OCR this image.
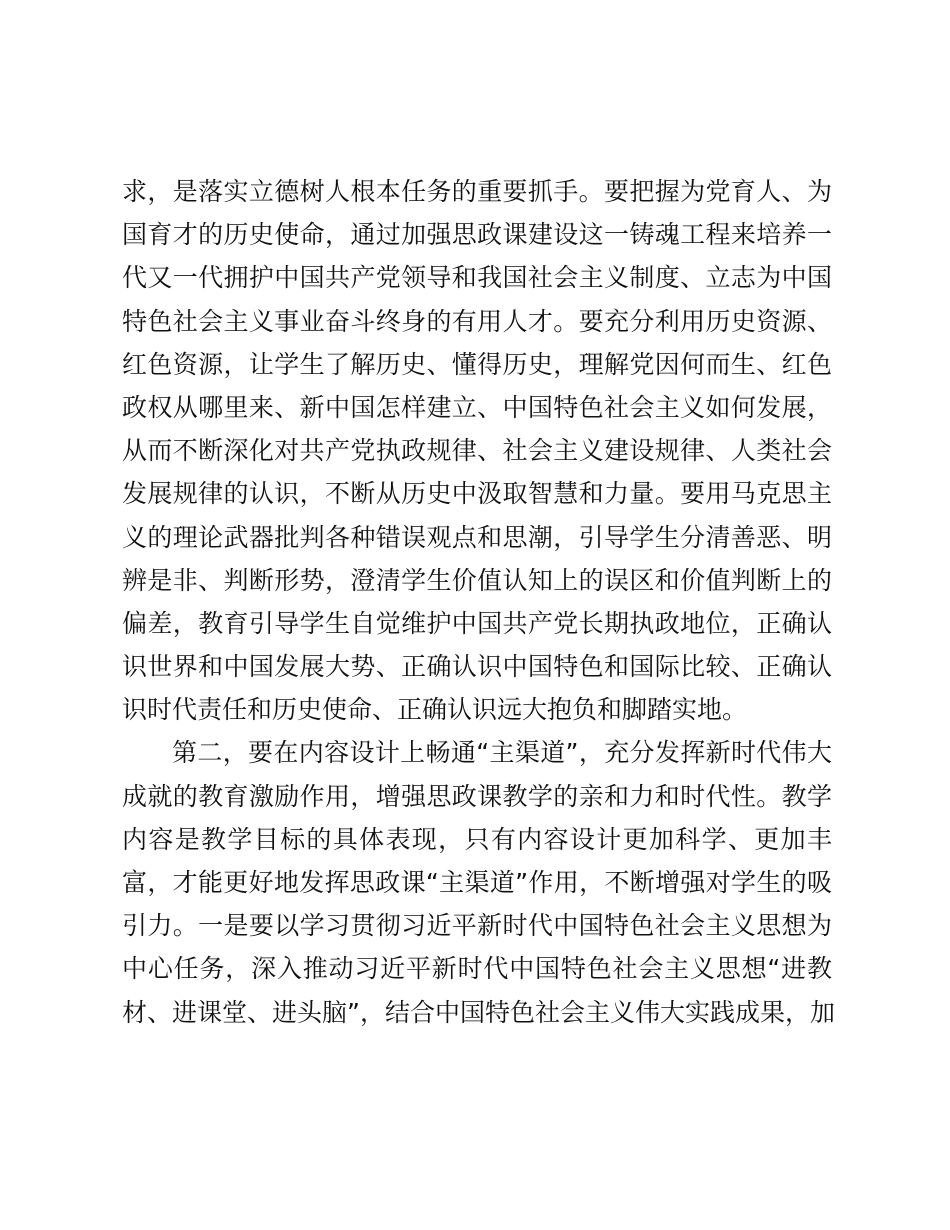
求，是落实立德树人根本任务的重要抓手。要把握为党育人、为
国育才的历史使命，通过加强思政课建设这一铸魂工程来培养一
代又一代拥护中国共产党领导和我国社会主义制度、立志为中国
特色社会主义事业奋斗终身的有用人才。要充分利用历史资源、
红色资源，让学生了解历史、懂得历史，理解党因何而生、红色
政权从哪里来、新中国怎样建立、中国特色社会主义如何发展，
从而不断深化对共产党执政规律、社会主义建设规律、人类社会
发展规律的认识，不断从历史中汲取智慧和力量。要用马克思主
义的理论武器批判各种错误观点和思潮，引导学生分清善恶、明
辨是非、判断形势，澄清学生价值认知上的误区和价值判断上的
偏差，教育引导学生自觉维护中国共产党长期执政地位，正确认
识世界和中国发展大势、正确认识中国特色和国际比较、正确认
识时代责任和历史使命、正确认识远大抱负和脚踏实地。
第二，要在内容设计上畅通“主渠道”，充分发挥新时代伟大
成就的教育激励作用，增强思政课教学的亲和力和时代性。教学
内容是教学目标的具体表现，只有内容设计更加科学、更加丰
富，才能更好地发挥思政课“主渠道”作用，不断增强对学生的吸
引力。一是要以学习贯彻习近平新时代中国特色社会主义思想为
中心任务，深入推动习近平新时代中国特色社会主义思想“进教
材、进课堂、进头脑”，结合中国特色社会主义伟大实践成果，加
